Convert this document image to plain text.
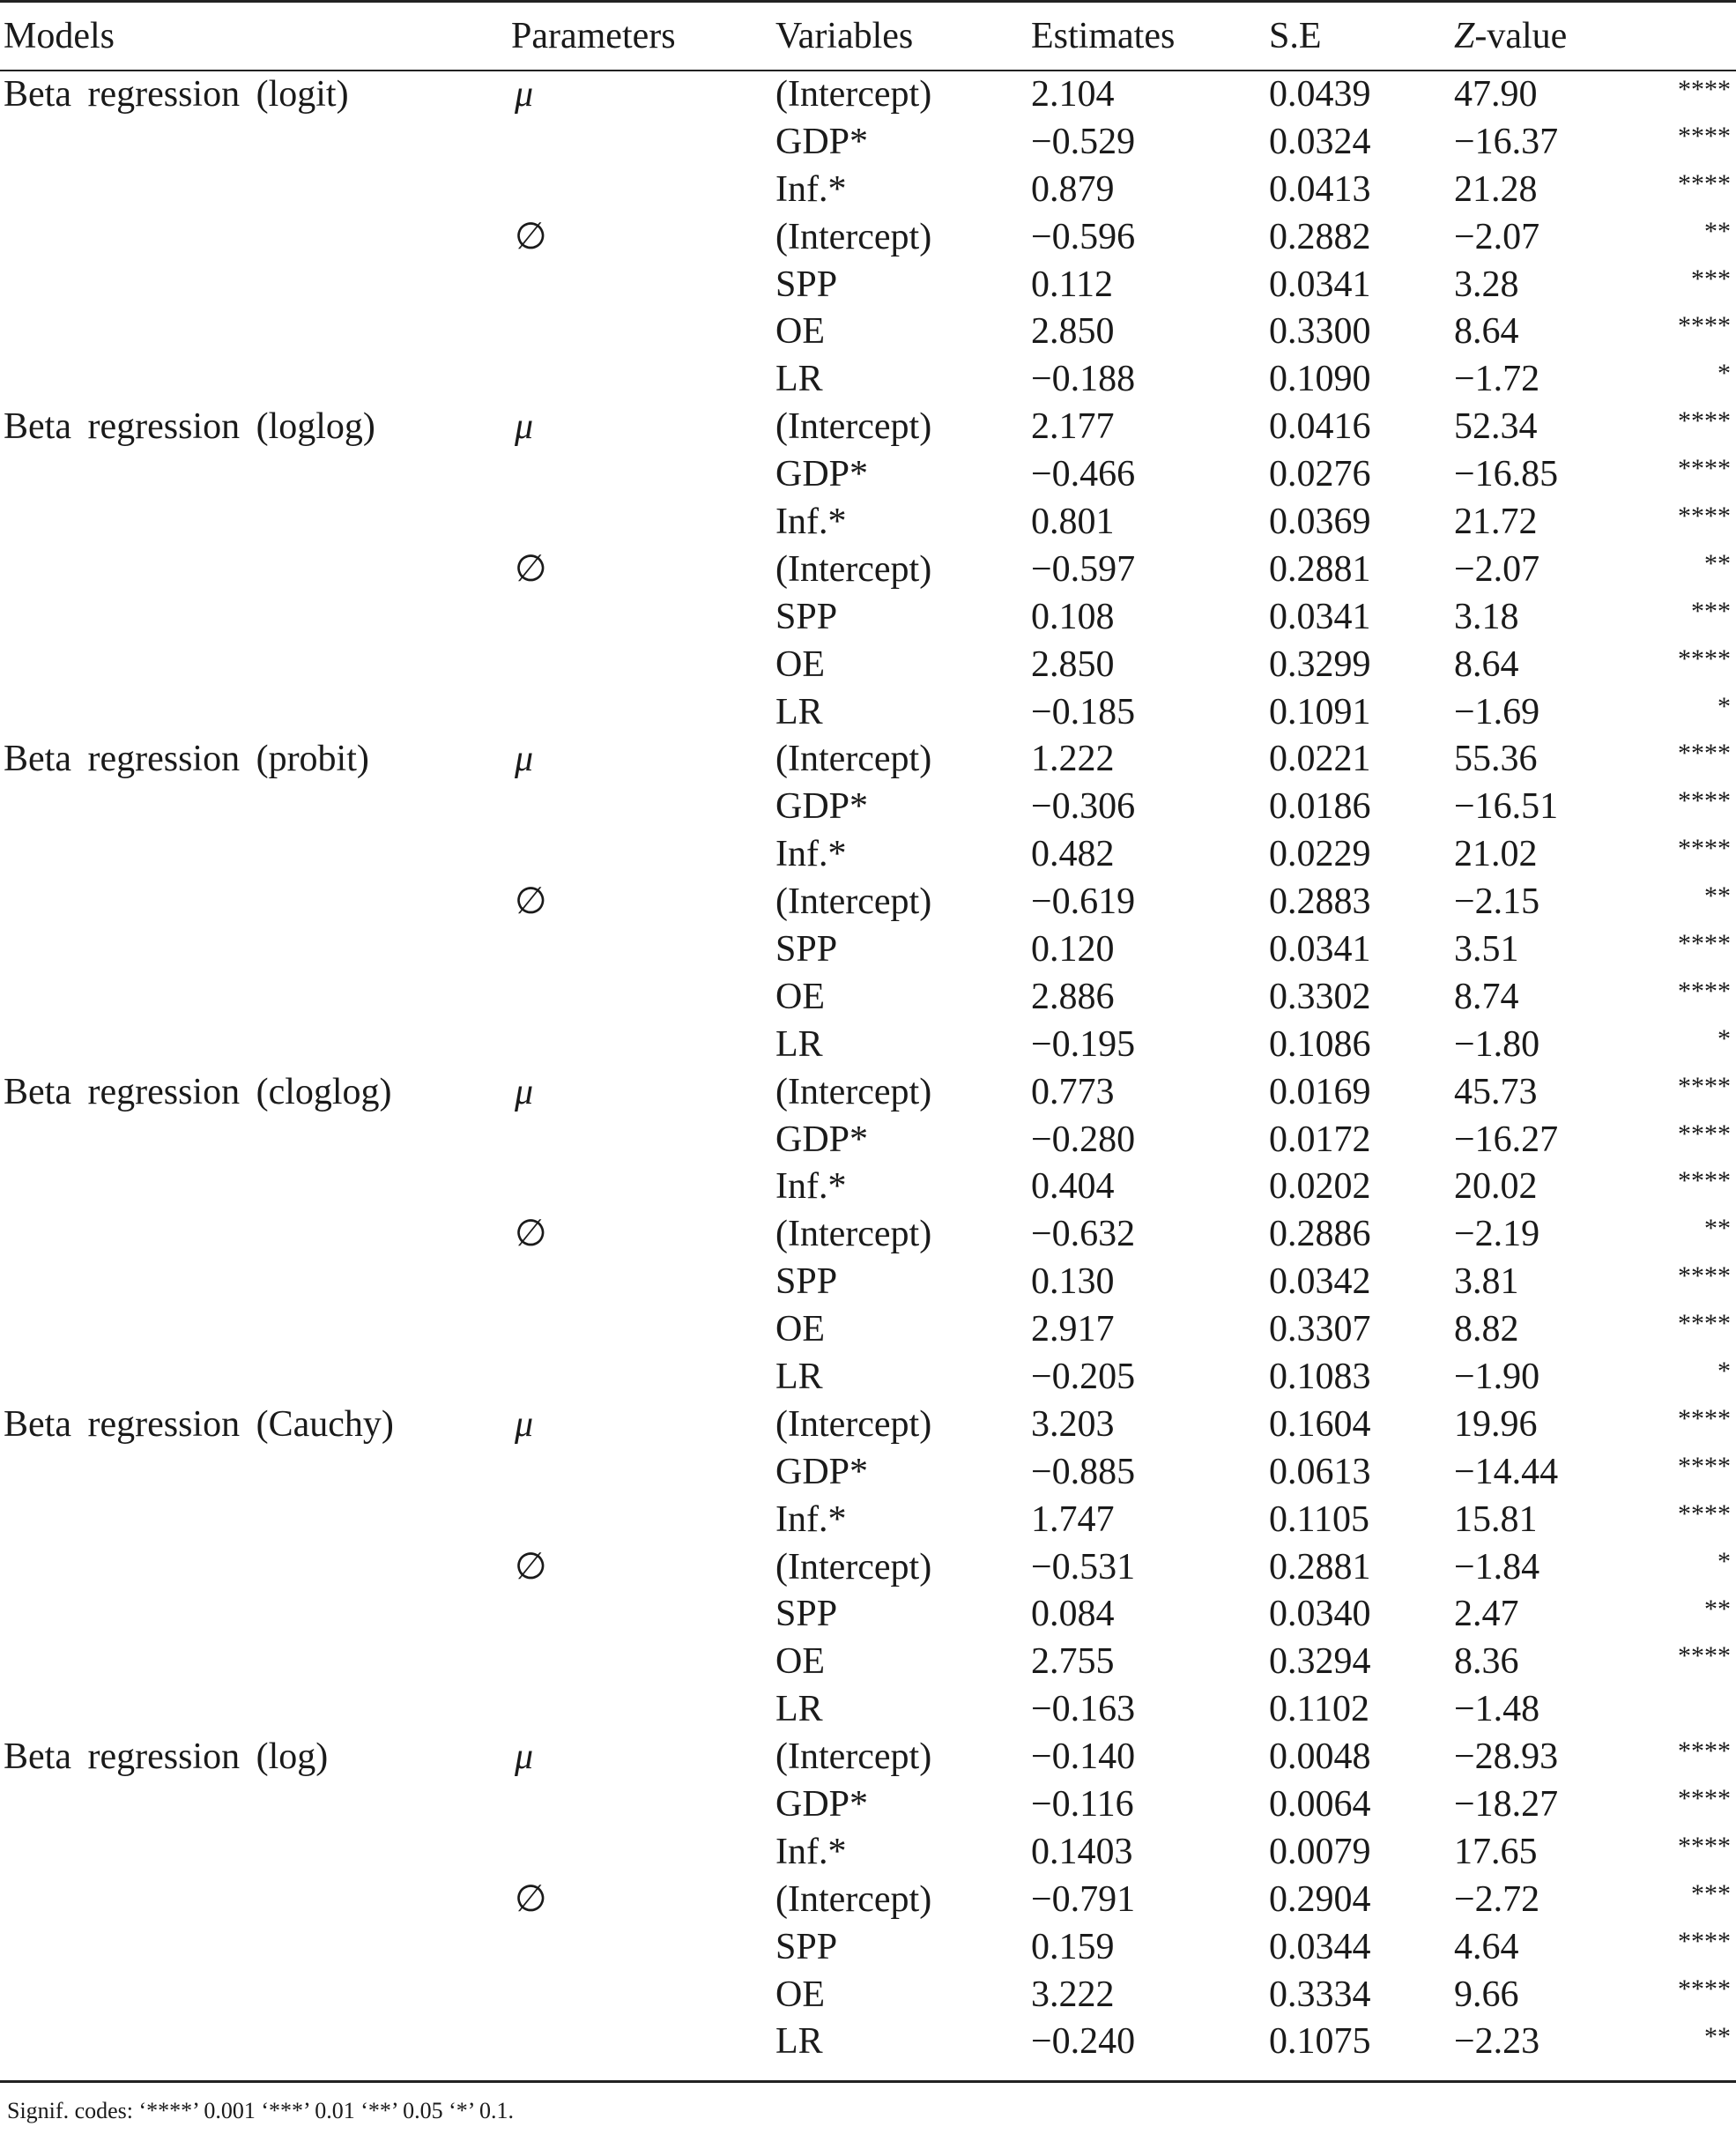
Models	Parameters	Variables	Estimates	S.E	Z-value	
Beta regression (logit)	μ	(Intercept)	2.104	0.0439	47.90	****
		GDP*	−0.529	0.0324	−16.37	****
		Inf.*	0.879	0.0413	21.28	****
	∅	(Intercept)	−0.596	0.2882	−2.07	**
		SPP	0.112	0.0341	3.28	***
		OE	2.850	0.3300	8.64	****
		LR	−0.188	0.1090	−1.72	*
Beta regression (loglog)	μ	(Intercept)	2.177	0.0416	52.34	****
		GDP*	−0.466	0.0276	−16.85	****
		Inf.*	0.801	0.0369	21.72	****
	∅	(Intercept)	−0.597	0.2881	−2.07	**
		SPP	0.108	0.0341	3.18	***
		OE	2.850	0.3299	8.64	****
		LR	−0.185	0.1091	−1.69	*
Beta regression (probit)	μ	(Intercept)	1.222	0.0221	55.36	****
		GDP*	−0.306	0.0186	−16.51	****
		Inf.*	0.482	0.0229	21.02	****
	∅	(Intercept)	−0.619	0.2883	−2.15	**
		SPP	0.120	0.0341	3.51	****
		OE	2.886	0.3302	8.74	****
		LR	−0.195	0.1086	−1.80	*
Beta regression (cloglog)	μ	(Intercept)	0.773	0.0169	45.73	****
		GDP*	−0.280	0.0172	−16.27	****
		Inf.*	0.404	0.0202	20.02	****
	∅	(Intercept)	−0.632	0.2886	−2.19	**
		SPP	0.130	0.0342	3.81	****
		OE	2.917	0.3307	8.82	****
		LR	−0.205	0.1083	−1.90	*
Beta regression (Cauchy)	μ	(Intercept)	3.203	0.1604	19.96	****
		GDP*	−0.885	0.0613	−14.44	****
		Inf.*	1.747	0.1105	15.81	****
	∅	(Intercept)	−0.531	0.2881	−1.84	*
		SPP	0.084	0.0340	2.47	**
		OE	2.755	0.3294	8.36	****
		LR	−0.163	0.1102	−1.48	
Beta regression (log)	μ	(Intercept)	−0.140	0.0048	−28.93	****
		GDP*	−0.116	0.0064	−18.27	****
		Inf.*	0.1403	0.0079	17.65	****
	∅	(Intercept)	−0.791	0.2904	−2.72	***
		SPP	0.159	0.0344	4.64	****
		OE	3.222	0.3334	9.66	****
		LR	−0.240	0.1075	−2.23	**
Signif. codes: ‘****’ 0.001 ‘***’ 0.01 ‘**’ 0.05 ‘*’ 0.1.
